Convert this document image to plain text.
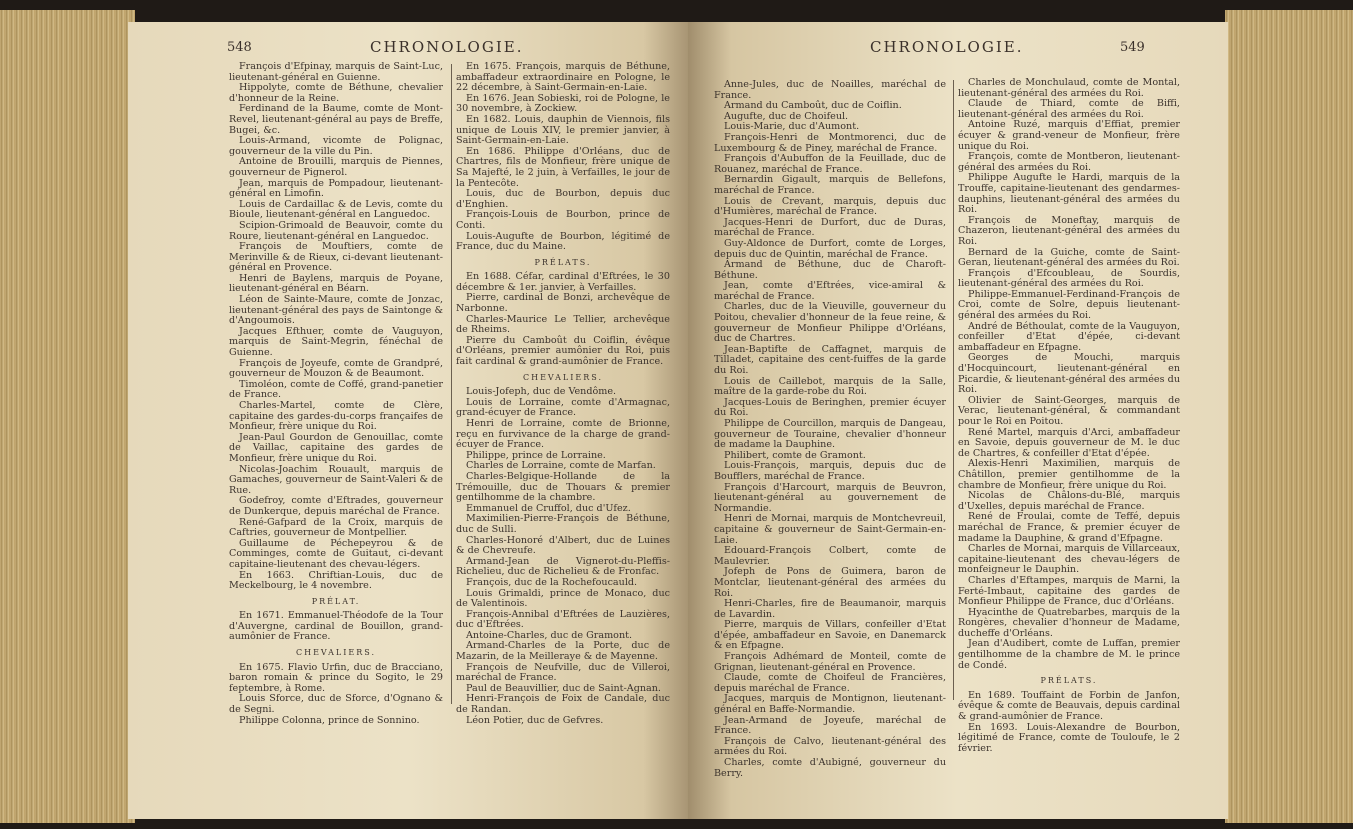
548	CHRONOLOGIE.	CHRONOLOGIE.	549

François d'Efpinay, marquis de Saint-Luc, lieutenant-général en Guienne.

Hippolyte, comte de Béthune, chevalier d'honneur de la Reine.

Ferdinand de la Baume, comte de Mont-Revel, lieutenant-général au pays de Breffe, Bugei, &c.

Louis-Armand, vicomte de Polignac, gouverneur de la ville du Pin.

Antoine de Brouilli, marquis de Piennes, gouverneur de Pignerol.

Jean, marquis de Pompadour, lieutenant-général en Limofin.

Louis de Cardaillac & de Levis, comte du Bioule, lieutenant-général en Languedoc.

Scipion-Grimoald de Beauvoir, comte du Roure, lieutenant-général en Languedoc.

François de Mouftiers, comte de Merinville & de Rieux, ci-devant lieutenant-général en Provence.

Henri de Baylens, marquis de Poyane, lieutenant-général en Béarn.

Léon de Sainte-Maure, comte de Jonzac, lieutenant-général des pays de Saintonge & d'Angoumois.

Jacques Efthuer, comte de Vauguyon, marquis de Saint-Megrin, fénéchal de Guienne.

François de Joyeufe, comte de Grandpré, gouverneur de Mouzon & de Beaumont.

Timoléon, comte de Coffé, grand-panetier de France.

Charles-Martel, comte de Clère, capitaine des gardes-du-corps françaifes de Monfieur, frère unique du Roi.

Jean-Paul Gourdon de Genouillac, comte de Vaillac, capitaine des gardes de Monfieur, frère unique du Roi.

Nicolas-Joachim Rouault, marquis de Gamaches, gouverneur de Saint-Valeri & de Rue.

Godefroy, comte d'Eftrades, gouverneur de Dunkerque, depuis maréchal de France.

René-Gafpard de la Croix, marquis de Caftries, gouverneur de Montpellier.

Guillaume de Péchepeyrou & de Comminges, comte de Guitaut, ci-devant capitaine-lieutenant des chevau-légers.

En 1663. Chriftian-Louis, duc de Meckelbourg, le 4 novembre.

PRÉLAT.

En 1671. Emmanuel-Théodofe de la Tour d'Auvergne, cardinal de Bouillon, grand-aumônier de France.

CHEVALIERS.

En 1675. Flavio Urfin, duc de Bracciano, baron romain & prince du Sogito, le 29 feptembre, à Rome.

Louis Sforce, duc de Sforce, d'Ognano & de Segni.

Philippe Colonna, prince de Sonnino.

En 1675. François, marquis de Béthune, ambaffadeur extraordinaire en Pologne, le 22 décembre, à Saint-Germain-en-Laie.

En 1676. Jean Sobieski, roi de Pologne, le 30 novembre, à Zockiew.

En 1682. Louis, dauphin de Viennois, fils unique de Louis XIV, le premier janvier, à Saint-Germain-en-Laie.

En 1686. Philippe d'Orléans, duc de Chartres, fils de Monfieur, frère unique de Sa Majefté, le 2 juin, à Verfailles, le jour de la Pentecôte.

Louis, duc de Bourbon, depuis duc d'Enghien.

François-Louis de Bourbon, prince de Conti.

Louis-Augufte de Bourbon, légitimé de France, duc du Maine.

PRÉLATS.

En 1688. Céfar, cardinal d'Eftrées, le 30 décembre & 1er. janvier, à Verfailles.

Pierre, cardinal de Bonzi, archevêque de Narbonne.

Charles-Maurice Le Tellier, archevêque de Rheims.

Pierre du Camboût du Coiflin, évêque d'Orléans, premier aumônier du Roi, puis fait cardinal & grand-aumônier de France.

CHEVALIERS.

Louis-Jofeph, duc de Vendôme.

Louis de Lorraine, comte d'Armagnac, grand-écuyer de France.

Henri de Lorraine, comte de Brionne, reçu en furvivance de la charge de grand-écuyer de France.

Philippe, prince de Lorraine.

Charles de Lorraine, comte de Marfan.

Charles-Belgique-Hollande de la Trémouille, duc de Thouars & premier gentilhomme de la chambre.

Emmanuel de Cruffol, duc d'Ufez.

Maximilien-Pierre-François de Béthune, duc de Sulli.

Charles-Honoré d'Albert, duc de Luines & de Chevreufe.

Armand-Jean de Vignerot-du-Pleffis-Richelieu, duc de Richelieu & de Fronfac.

François, duc de la Rochefoucauld.

Louis Grimaldi, prince de Monaco, duc de Valentinois.

François-Annibal d'Eftrées de Lauzières, duc d'Eftrées.

Antoine-Charles, duc de Gramont.

Armand-Charles de la Porte, duc de Mazarin, de la Meilleraye & de Mayenne.

François de Neufville, duc de Villeroi, maréchal de France.

Paul de Beauvillier, duc de Saint-Agnan.

Henri-François de Foix de Candale, duc de Randan.

Léon Potier, duc de Gefvres.

Anne-Jules, duc de Noailles, maréchal de France.

Armand du Camboût, duc de Coiflin.

Augufte, duc de Choifeul.

Louis-Marie, duc d'Aumont.

François-Henri de Montmorenci, duc de Luxembourg & de Piney, maréchal de France.

François d'Aubuffon de la Feuillade, duc de Rouanez, maréchal de France.

Bernardin Gigault, marquis de Bellefons, maréchal de France.

Louis de Crevant, marquis, depuis duc d'Humières, maréchal de France.

Jacques-Henri de Durfort, duc de Duras, maréchal de France.

Guy-Aldonce de Durfort, comte de Lorges, depuis duc de Quintin, maréchal de France.

Armand de Béthune, duc de Charoft-Béthune.

Jean, comte d'Eftrées, vice-amiral & maréchal de France.

Charles, duc de la Vieuville, gouverneur du Poitou, chevalier d'honneur de la feue reine, & gouverneur de Monfieur Philippe d'Orléans, duc de Chartres.

Jean-Baptifte de Caffagnet, marquis de Tilladet, capitaine des cent-fuiffes de la garde du Roi.

Louis de Caillebot, marquis de la Salle, maître de la garde-robe du Roi.

Jacques-Louis de Beringhen, premier écuyer du Roi.

Philippe de Courcillon, marquis de Dangeau, gouverneur de Touraine, chevalier d'honneur de madame la Dauphine.

Philibert, comte de Gramont.

Louis-François, marquis, depuis duc de Boufflers, maréchal de France.

François d'Harcourt, marquis de Beuvron, lieutenant-général au gouvernement de Normandie.

Henri de Mornai, marquis de Montchevreuil, capitaine & gouverneur de Saint-Germain-en-Laie.

Edouard-François Colbert, comte de Maulevrier.

Jofeph de Pons de Guimera, baron de Montclar, lieutenant-général des armées du Roi.

Henri-Charles, fire de Beaumanoir, marquis de Lavardin.

Pierre, marquis de Villars, confeiller d'Etat d'épée, ambaffadeur en Savoie, en Danemarck & en Efpagne.

François Adhémard de Monteil, comte de Grignan, lieutenant-général en Provence.

Claude, comte de Choifeul de Francières, depuis maréchal de France.

Jacques, marquis de Montignon, lieutenant-général en Baffe-Normandie.

Jean-Armand de Joyeufe, maréchal de France.

François de Calvo, lieutenant-général des armées du Roi.

Charles, comte d'Aubigné, gouverneur du Berry.

Charles de Monchulaud, comte de Montal, lieutenant-général des armées du Roi.

Claude de Thiard, comte de Biffi, lieutenant-général des armées du Roi.

Antoine Ruzé, marquis d'Effiat, premier écuyer & grand-veneur de Monfieur, frère unique du Roi.

François, comte de Montberon, lieutenant-général des armées du Roi.

Philippe Augufte le Hardi, marquis de la Trouffe, capitaine-lieutenant des gendarmes-dauphins, lieutenant-général des armées du Roi.

François de Moneftay, marquis de Chazeron, lieutenant-général des armées du Roi.

Bernard de la Guiche, comte de Saint-Geran, lieutenant-général des armées du Roi.

François d'Efcoubleau, de Sourdis, lieutenant-général des armées du Roi.

Philippe-Emmanuel-Ferdinand-François de Croi, comte de Solre, depuis lieutenant-général des armées du Roi.

André de Béthoulat, comte de la Vauguyon, confeiller d'Etat d'épée, ci-devant ambaffadeur en Efpagne.

Georges de Mouchi, marquis d'Hocquincourt, lieutenant-général en Picardie, & lieutenant-général des armées du Roi.

Olivier de Saint-Georges, marquis de Verac, lieutenant-général, & commandant pour le Roi en Poitou.

René Martel, marquis d'Arci, ambaffadeur en Savoie, depuis gouverneur de M. le duc de Chartres, & confeiller d'Etat d'épée.

Alexis-Henri Maximilien, marquis de Châtillon, premier gentilhomme de la chambre de Monfieur, frère unique du Roi.

Nicolas de Châlons-du-Blé, marquis d'Uxelles, depuis maréchal de France.

René de Froulai, comte de Teffé, depuis maréchal de France, & premier écuyer de madame la Dauphine, & grand d'Efpagne.

Charles de Mornai, marquis de Villarceaux, capitaine-lieutenant des chevau-légers de monfeigneur le Dauphin.

Charles d'Eftampes, marquis de Marni, la Ferté-Imbaut, capitaine des gardes de Monfieur Philippe de France, duc d'Orléans.

Hyacinthe de Quatrebarbes, marquis de la Rongères, chevalier d'honneur de Madame, ducheffe d'Orléans.

Jean d'Audibert, comte de Luffan, premier gentilhomme de la chambre de M. le prince de Condé.

PRÉLATS.

En 1689. Touffaint de Forbin de Janfon, évêque & comte de Beauvais, depuis cardinal & grand-aumônier de France.

En 1693. Louis-Alexandre de Bourbon, légitimé de France, comte de Touloufe, le 2 février.
